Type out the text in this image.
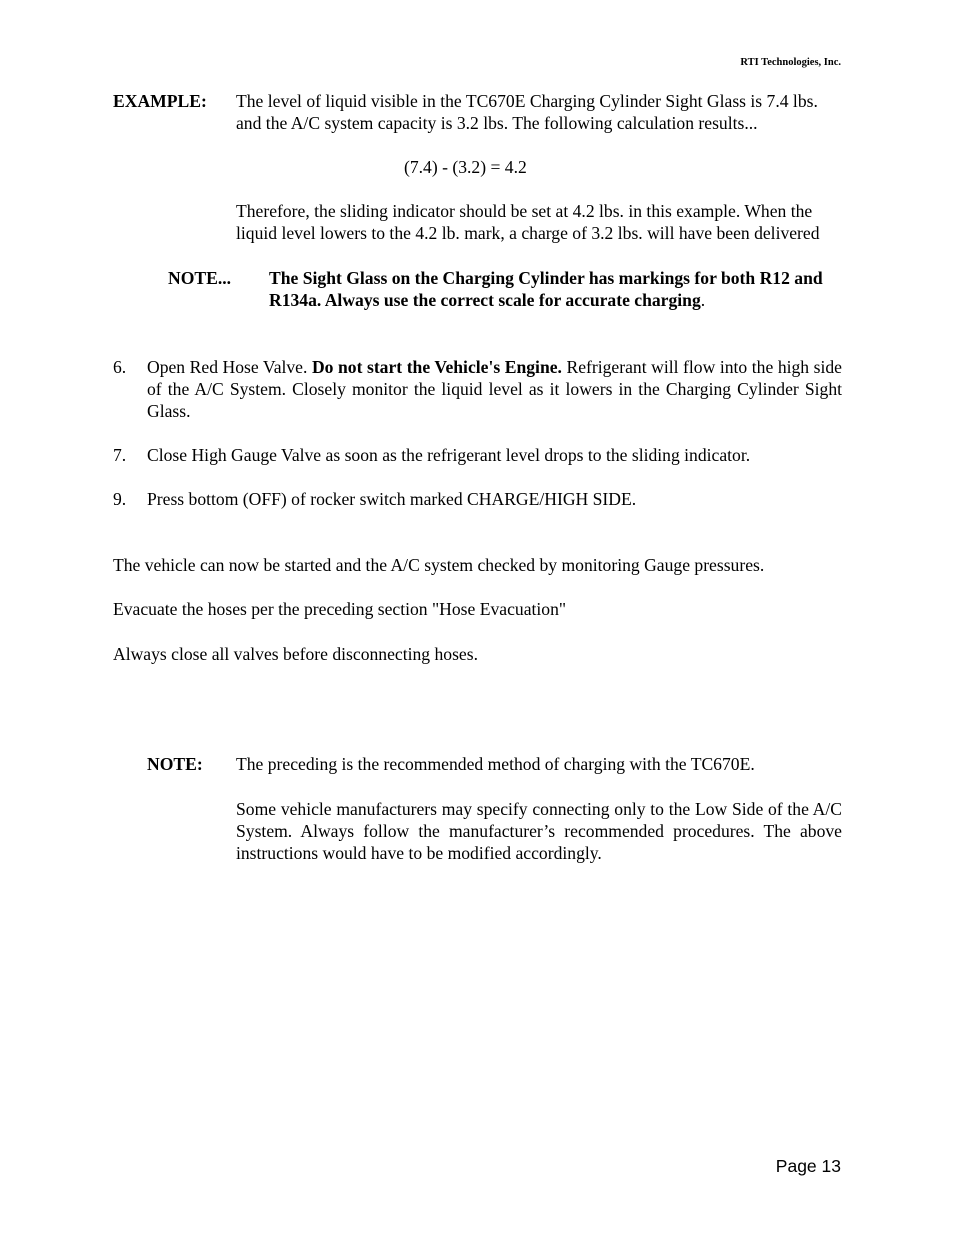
RTI Technologies, Inc.
EXAMPLE: The level of liquid visible in the TC670E Charging Cylinder Sight Glass is 7.4 lbs.
and the A/C system capacity is 3.2 lbs. The following calculation results...
(7.4) - (3.2) = 4.2
Therefore, the sliding indicator should be set at 4.2 lbs. in this example. When the
liquid level lowers to the 4.2 lb. mark, a charge of 3.2 lbs. will have been delivered
NOTE... The Sight Glass on the Charging Cylinder has markings for both R12 and
R134a. Always use the correct scale for accurate charging.
6.	Open Red Hose Valve. Do not start the Vehicle's Engine. Refrigerant will flow into the high side of the A/C System. Closely monitor the liquid level as it lowers in the Charging Cylinder Sight Glass.
7.	Close High Gauge Valve as soon as the refrigerant level drops to the sliding indicator.
9.	Press bottom (OFF) of rocker switch marked CHARGE/HIGH SIDE.
The vehicle can now be started and the A/C system checked by monitoring Gauge pressures.
Evacuate the hoses per the preceding section "Hose Evacuation"
Always close all valves before disconnecting hoses.
NOTE: The preceding is the recommended method of charging with the TC670E.
Some vehicle manufacturers may specify connecting only to the Low Side of the A/C System. Always follow the manufacturer’s recommended procedures. The above instructions would have to be modified accordingly.
Page 13
